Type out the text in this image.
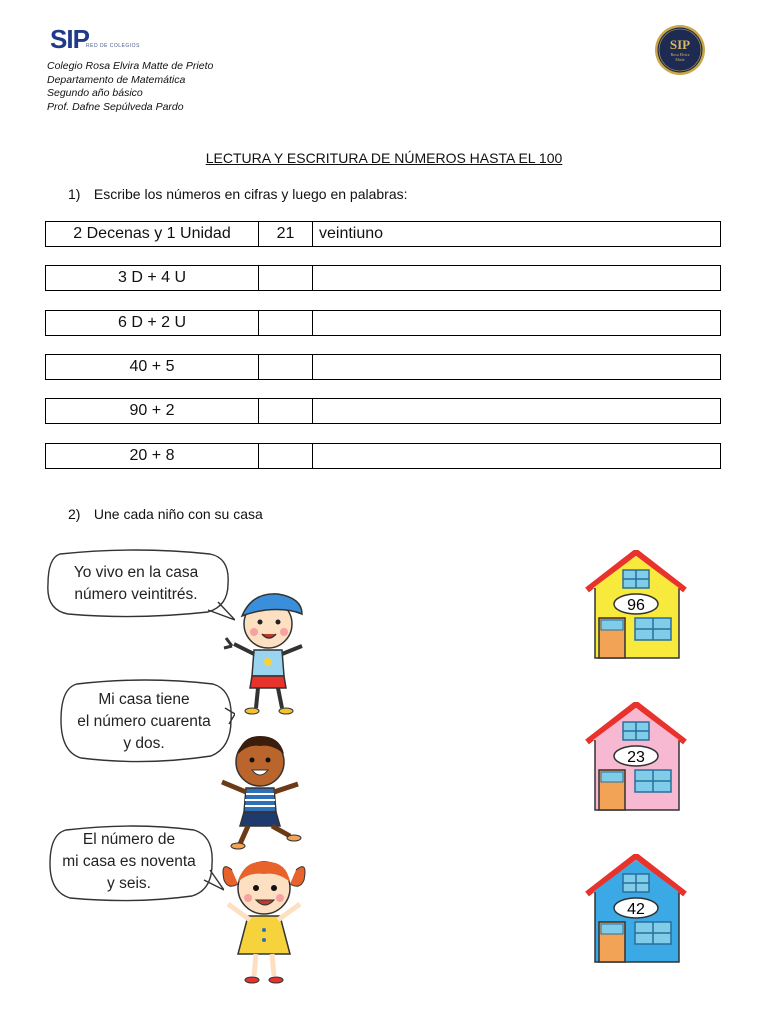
SIP
RED DE COLEGIOS	SIP
Rosa Elvira
Matte
Colegio Rosa Elvira Matte de Prieto
Departamento de Matemática
Segundo año básico
Prof. Dafne Sepúlveda Pardo
LECTURA Y ESCRITURA DE NÚMEROS HASTA EL 100
1) Escribe los números en cifras y luego en palabras:
2 Decenas y 1 Unidad	21	veintiuno
3 D + 4 U
6 D + 2 U
40 + 5
90 + 2
20 + 8
2) Une cada niño con su casa
Yo vivo en la casa
número veintitrés.
Mi casa tiene
el número cuarenta
y dos.
El número de
mi casa es noventa
y seis.
96
23
42
